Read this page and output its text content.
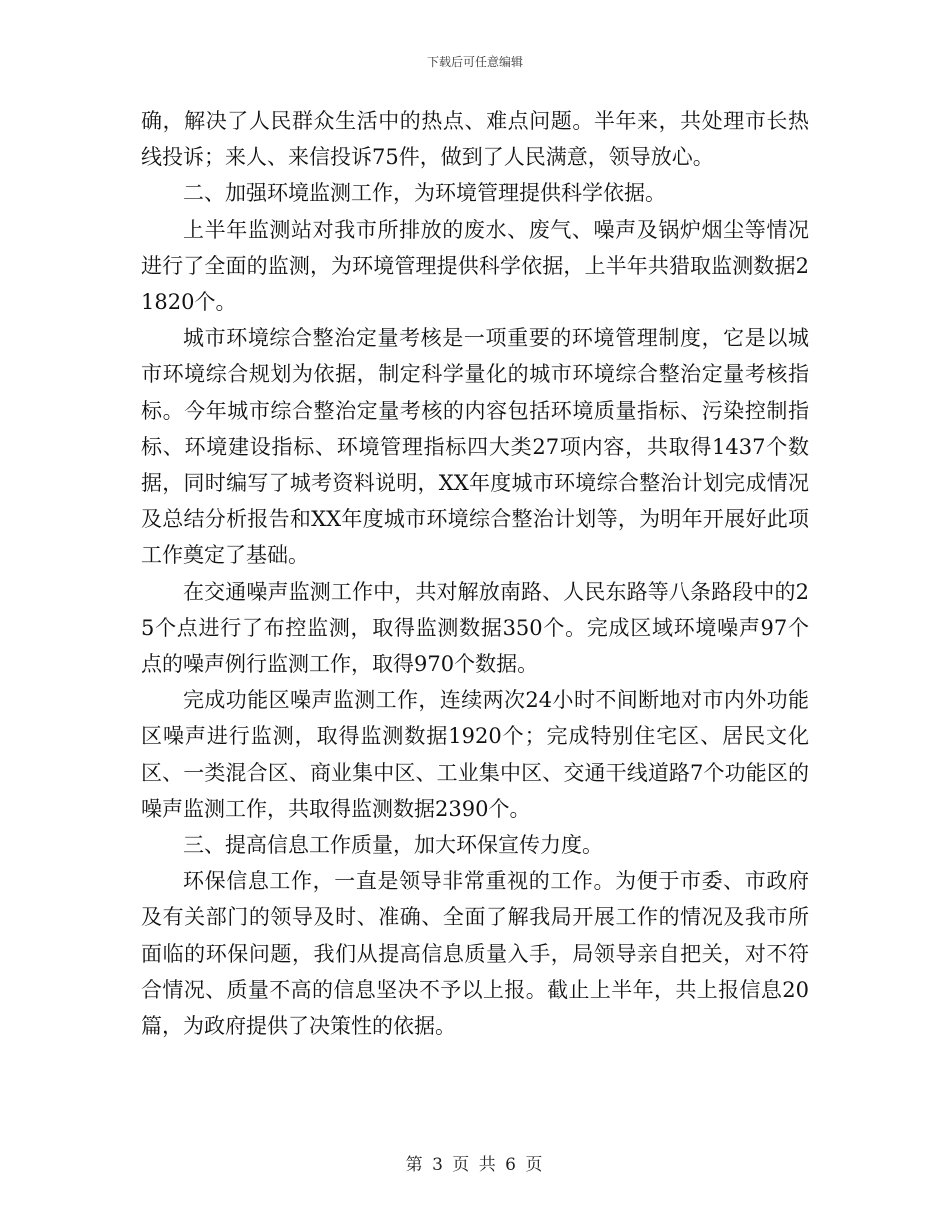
下载后可任意编辑

确，解决了人民群众生活中的热点、难点问题。半年来，共处理市长热线投诉；来人、来信投诉75件，做到了人民满意，领导放心。

二、加强环境监测工作，为环境管理提供科学依据。

上半年监测站对我市所排放的废水、废气、噪声及锅炉烟尘等情况进行了全面的监测，为环境管理提供科学依据，上半年共猎取监测数据21820个。

城市环境综合整治定量考核是一项重要的环境管理制度，它是以城市环境综合规划为依据，制定科学量化的城市环境综合整治定量考核指标。今年城市综合整治定量考核的内容包括环境质量指标、污染控制指标、环境建设指标、环境管理指标四大类27项内容，共取得1437个数据，同时编写了城考资料说明，XX年度城市环境综合整治计划完成情况及总结分析报告和XX年度城市环境综合整治计划等，为明年开展好此项工作奠定了基础。

在交通噪声监测工作中，共对解放南路、人民东路等八条路段中的25个点进行了布控监测，取得监测数据350个。完成区域环境噪声97个点的噪声例行监测工作，取得970个数据。

完成功能区噪声监测工作，连续两次24小时不间断地对市内外功能区噪声进行监测，取得监测数据1920个；完成特别住宅区、居民文化区、一类混合区、商业集中区、工业集中区、交通干线道路7个功能区的噪声监测工作，共取得监测数据2390个。

三、提高信息工作质量，加大环保宣传力度。

环保信息工作，一直是领导非常重视的工作。为便于市委、市政府及有关部门的领导及时、准确、全面了解我局开展工作的情况及我市所面临的环保问题，我们从提高信息质量入手，局领导亲自把关，对不符合情况、质量不高的信息坚决不予以上报。截止上半年，共上报信息20篇，为政府提供了决策性的依据。

第 3 页 共 6 页
